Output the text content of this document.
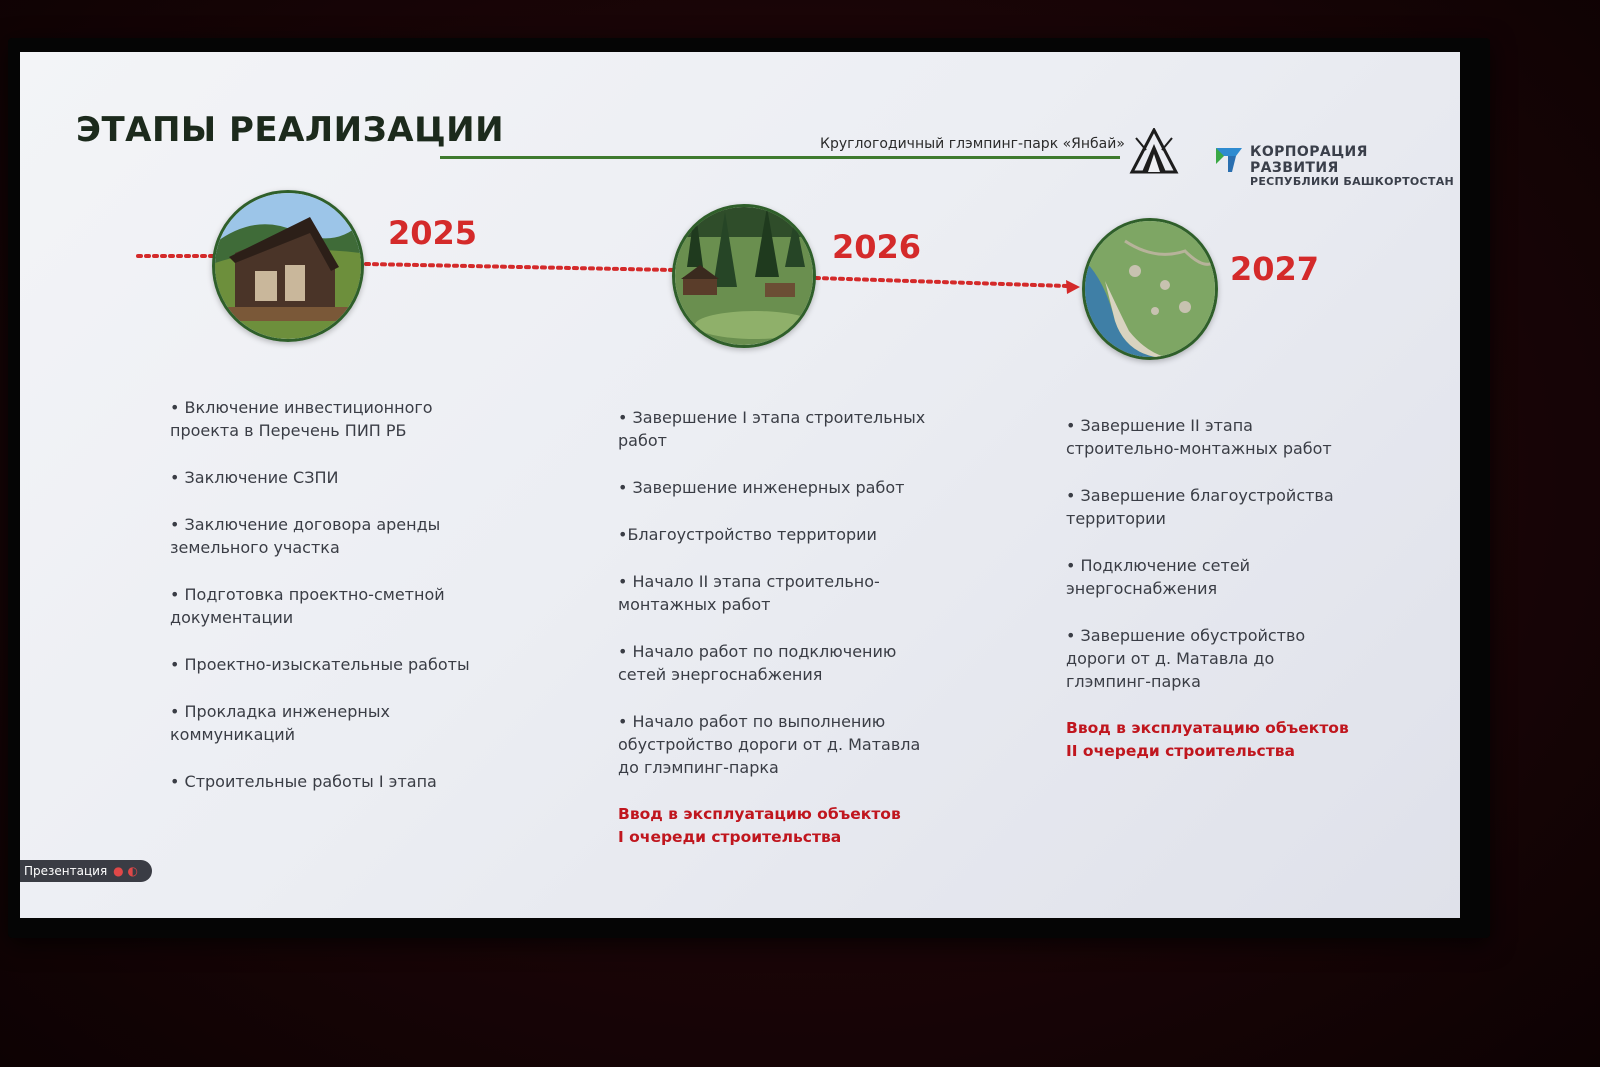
ЭТАПЫ РЕАЛИЗАЦИИ	Круглогодичный глэмпинг-парк «Янбай»	КОРПОРАЦИЯ РАЗВИТИЯ
РЕСПУБЛИКИ БАШКОРТОСТАН
2025	2026
2027
• Включение инвестиционного
проекта в Перечень ПИП РБ
• Заключение СЗПИ
• Заключение договора аренды
земельного участка
• Подготовка проектно-сметной
документации
• Проектно-изыскательные работы
• Прокладка инженерных
коммуникаций
• Строительные работы I этапа
• Завершение I этапа строительных
работ
• Завершение инженерных работ
•Благоустройство территории
• Начало II этапа строительно-
монтажных работ
• Начало работ по подключению
сетей энергоснабжения
• Начало работ по выполнению
обустройство дороги от д. Матавла
до глэмпинг-парка
Ввод в эксплуатацию объектов
I очереди строительства
• Завершение II этапа
строительно-монтажных работ
• Завершение благоустройства
территории
• Подключение сетей
энергоснабжения
• Завершение обустройство
дороги от д. Матавла до
глэмпинг-парка
Ввод в эксплуатацию объектов
II очереди строительства
Презентация ● ◐
